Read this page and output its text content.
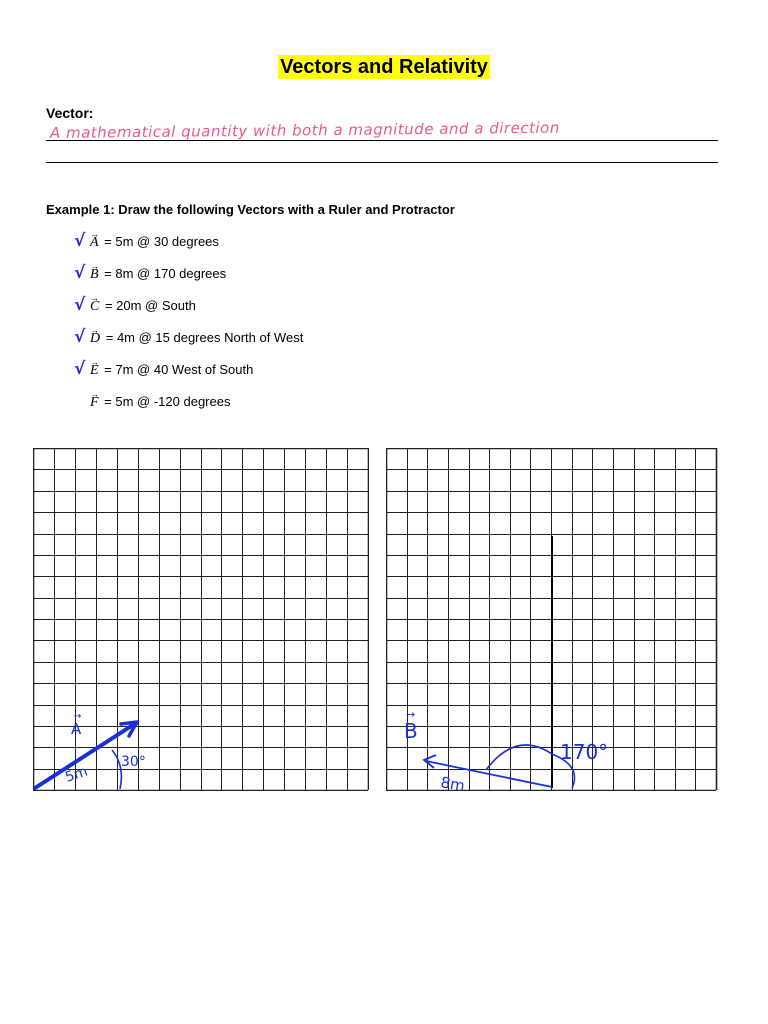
Vectors and Relativity
Vector:
A mathematical quantity with both a magnitude and a direction
Example 1: Draw the following Vectors with a Ruler and Protractor
√ → A = 5m @ 30 degrees
√ → B = 8m @ 170 degrees
√ → C = 20m @ South
√ → D = 4m @ 15 degrees North of West
√ → E = 7m @ 40 West of South
→ F = 5m @ -120 degrees
A
→
5m
30°
B
→
8m
170°
